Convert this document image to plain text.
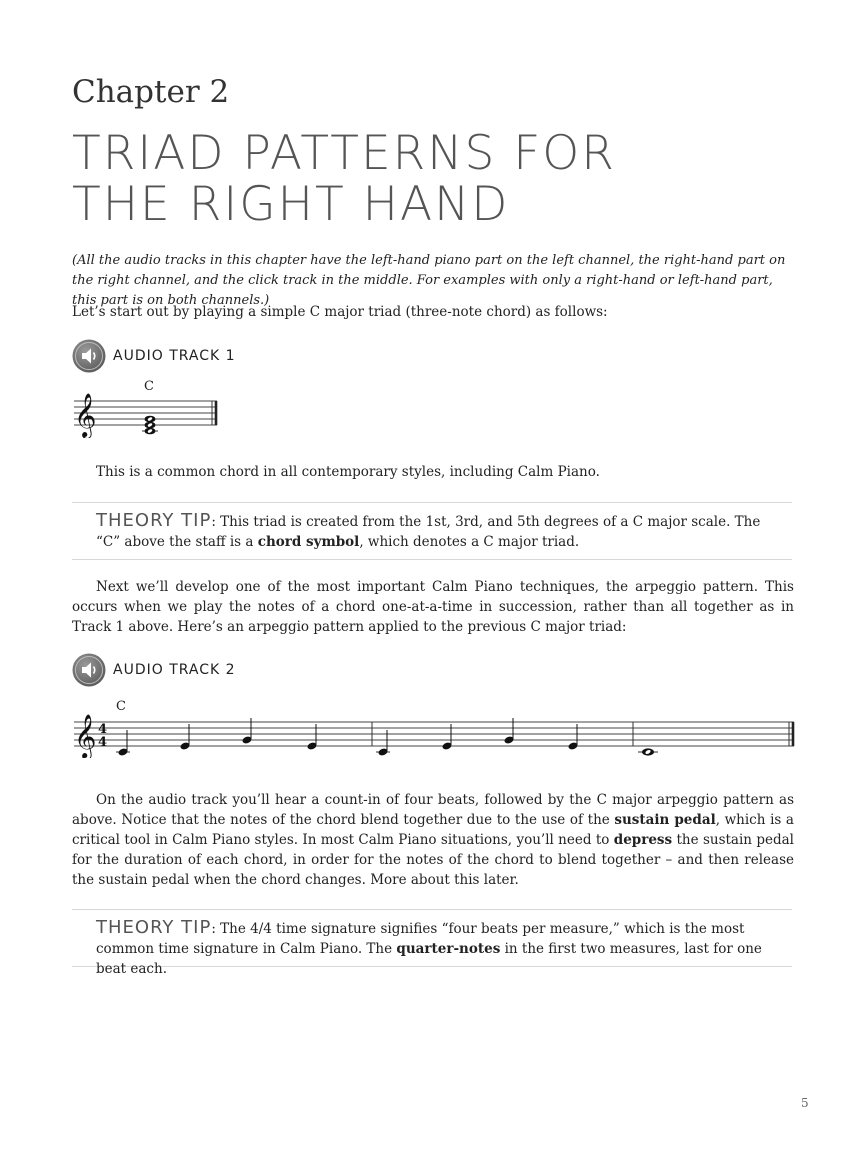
Chapter 2
TRIAD PATTERNS FOR
THE RIGHT HAND
(All the audio tracks in this chapter have the left-hand piano part on the left channel, the right-hand part on the right channel, and the click track in the middle. For examples with only a right-hand or left-hand part, this part is on both channels.)
Let’s start out by playing a simple C major triad (three-note chord) as follows:
AUDIO TRACK 1
𝄞
C
This is a common chord in all contemporary styles, including Calm Piano.
THEORY TIP: This triad is created from the 1st, 3rd, and 5th degrees of a C major scale. The “C” above the staff is a chord symbol, which denotes a C major triad.
Next we’ll develop one of the most important Calm Piano techniques, the arpeggio pattern. This occurs when we play the notes of a chord one-at-a-time in succession, rather than all together as in Track 1 above. Here’s an arpeggio pattern applied to the previous C major triad:
AUDIO TRACK 2
𝄞 4
4
C
On the audio track you’ll hear a count-in of four beats, followed by the C major arpeggio pattern as above. Notice that the notes of the chord blend together due to the use of the sustain pedal, which is a critical tool in Calm Piano styles. In most Calm Piano situations, you’ll need to depress the sustain pedal for the duration of each chord, in order for the notes of the chord to blend together – and then release the sustain pedal when the chord changes. More about this later.
THEORY TIP: The 4/4 time signature signifies “four beats per measure,” which is the most common time signature in Calm Piano. The quarter-notes in the first two measures, last for one beat each.
5
